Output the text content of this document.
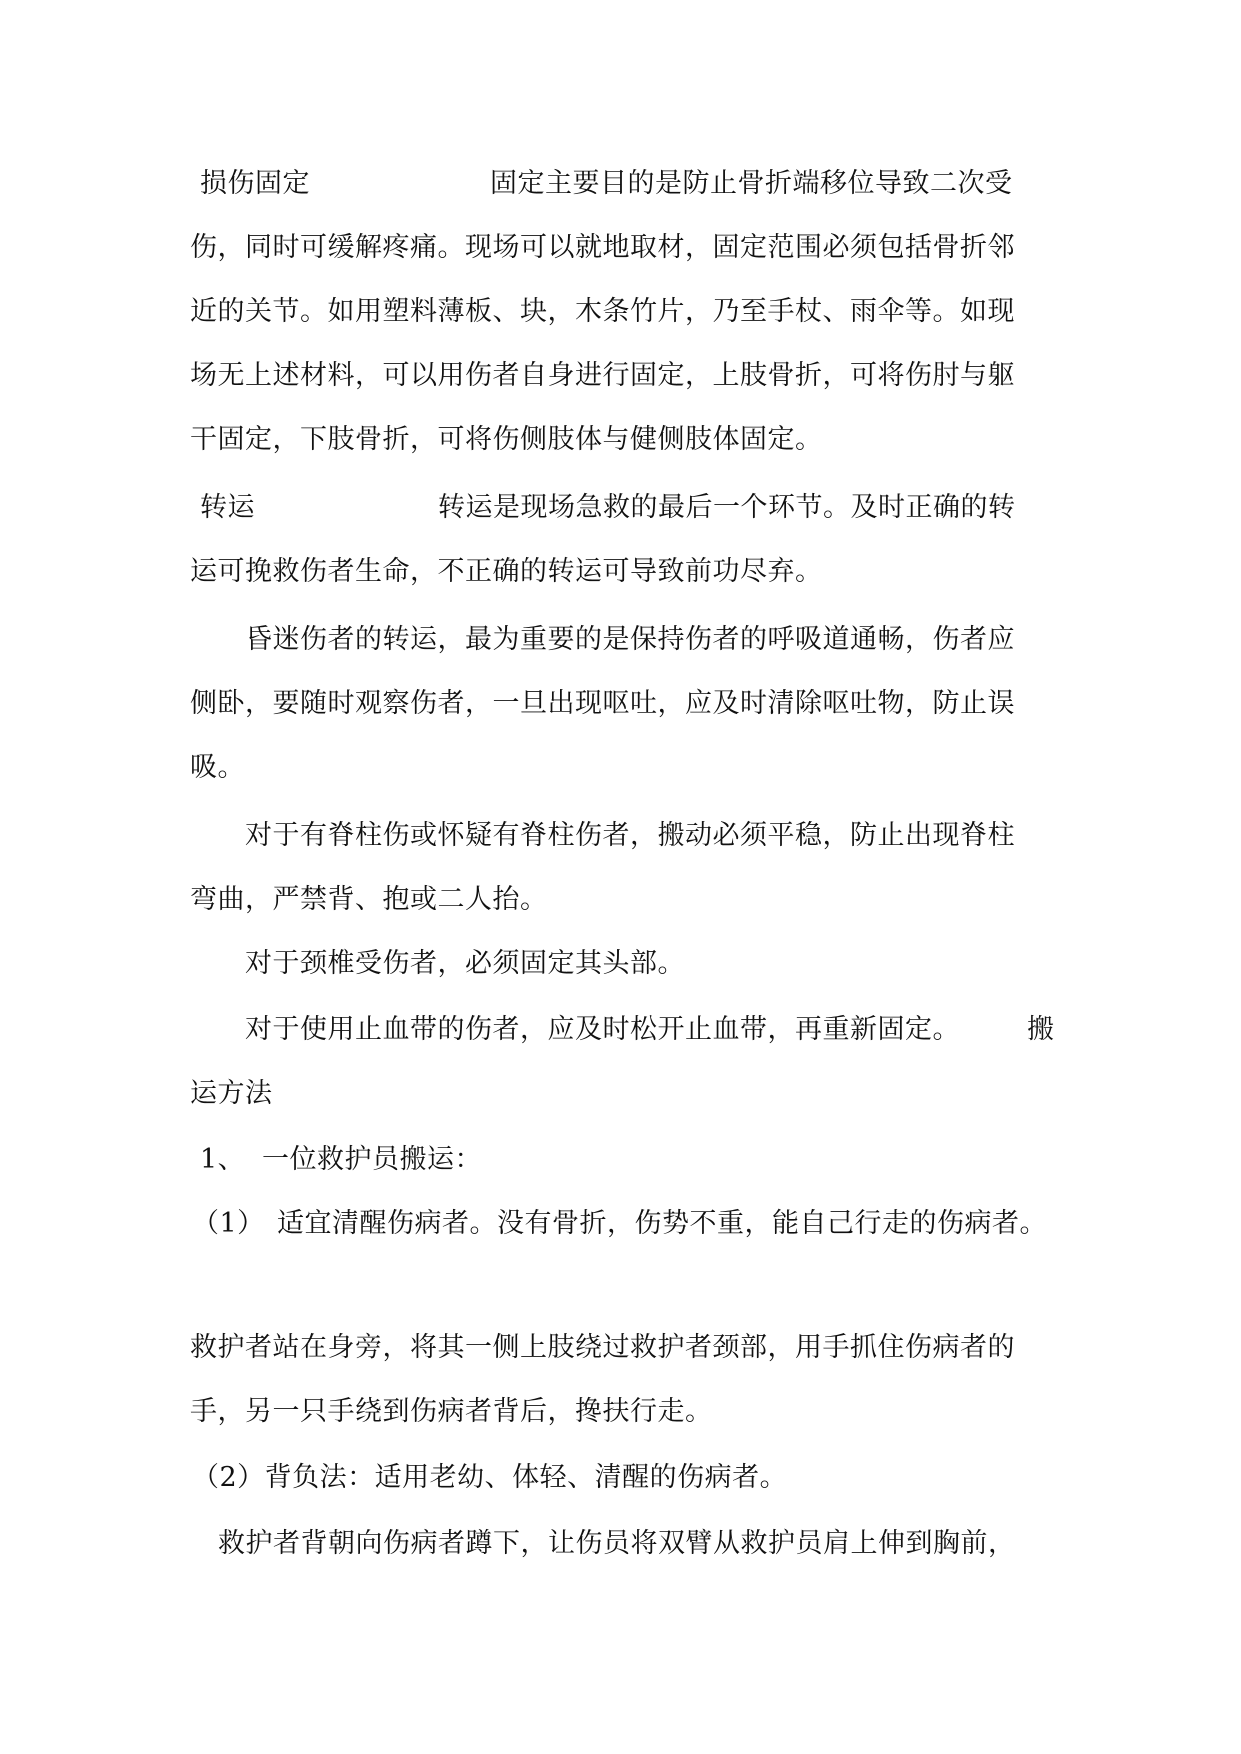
损伤固定	固定主要目的是防止骨折端移位导致二次受
伤，同时可缓解疼痛。现场可以就地取材，固定范围必须包括骨折邻
近的关节。如用塑料薄板、块，木条竹片，乃至手杖、雨伞等。如现
场无上述材料，可以用伤者自身进行固定，上肢骨折，可将伤肘与躯
干固定，下肢骨折，可将伤侧肢体与健侧肢体固定。
转运	转运是现场急救的最后一个环节。及时正确的转
运可挽救伤者生命，不正确的转运可导致前功尽弃。
昏迷伤者的转运，最为重要的是保持伤者的呼吸道通畅，伤者应
侧卧，要随时观察伤者，一旦出现呕吐，应及时清除呕吐物，防止误
吸。
对于有脊柱伤或怀疑有脊柱伤者，搬动必须平稳，防止出现脊柱
弯曲，严禁背、抱或二人抬。
对于颈椎受伤者，必须固定其头部。
对于使用止血带的伤者，应及时松开止血带，再重新固定。 搬
运方法
1、 一位救护员搬运：
（1） 适宜清醒伤病者。没有骨折，伤势不重，能自己行走的伤病者。
救护者站在身旁，将其一侧上肢绕过救护者颈部，用手抓住伤病者的
手，另一只手绕到伤病者背后，搀扶行走。
（2）背负法：适用老幼、体轻、清醒的伤病者。
救护者背朝向伤病者蹲下，让伤员将双臂从救护员肩上伸到胸前，
